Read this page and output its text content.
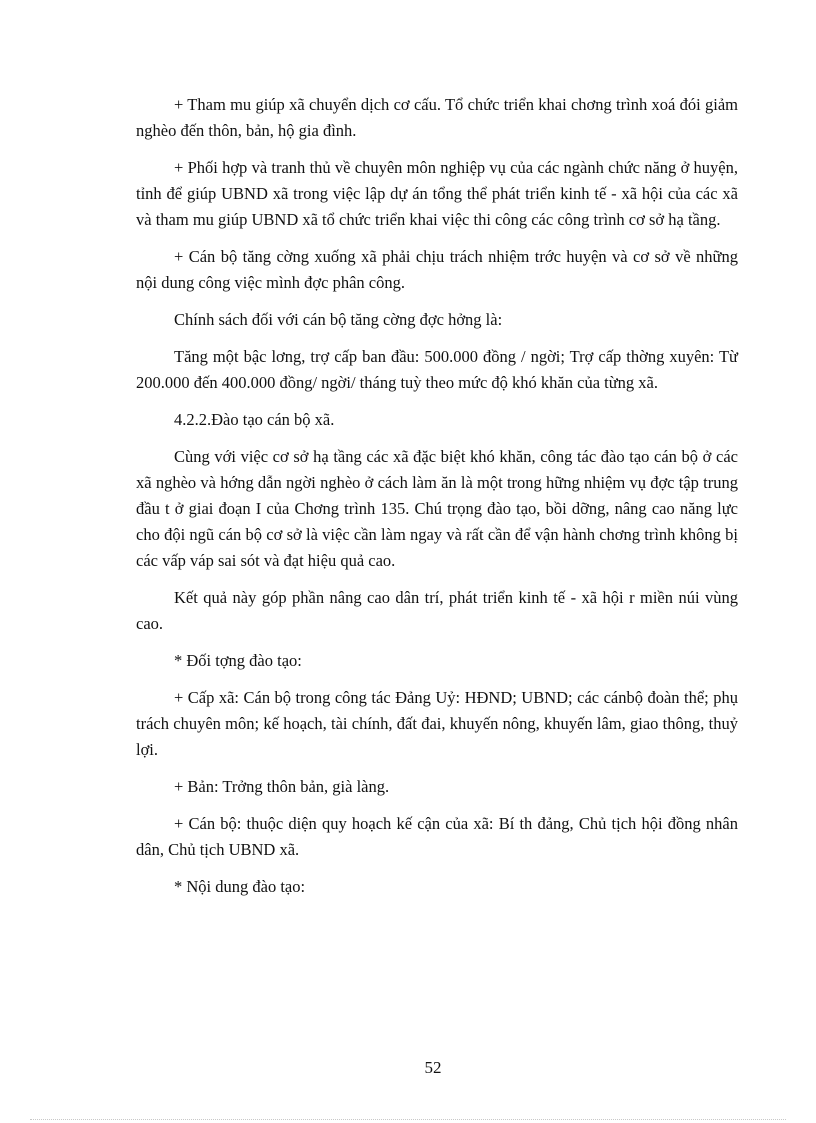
+ Tham mu giúp xã chuyển dịch cơ cấu. Tổ chức triển khai chơng trình xoá đói giảm nghèo đến thôn, bản, hộ gia đình.

+ Phối hợp và tranh thủ về chuyên môn nghiệp vụ của các ngành chức năng ở huyện, tỉnh để giúp UBND xã trong việc lập dự án tổng thể phát triển kinh tế - xã hội của các xã và tham mu giúp UBND xã tổ chức triển khai việc thi công các công trình cơ sở hạ tầng.

+ Cán bộ tăng cờng xuống xã phải chịu trách nhiệm trớc huyện và cơ sở về những nội dung công việc mình đợc phân công.

Chính sách đối với cán bộ tăng cờng đợc hởng là:

Tăng một bậc lơng, trợ cấp ban đầu: 500.000 đồng / ngời; Trợ cấp thờng xuyên: Từ 200.000 đến 400.000 đồng/ ngời/ tháng tuỳ theo mức độ khó khăn của từng xã.

4.2.2.Đào tạo cán bộ xã.

Cùng với việc cơ sở hạ tầng các xã đặc biệt khó khăn, công tác đào tạo cán bộ ở các xã nghèo và hớng dẫn ngời nghèo ở cách làm ăn là một trong hững nhiệm vụ đợc tập trung đầu t ở giai đoạn I của Chơng trình 135. Chú trọng đào tạo, bồi dỡng, nâng cao năng lực cho đội ngũ cán bộ cơ sở là việc cần làm ngay và rất cần để vận hành chơng trình không bị các vấp váp sai sót và đạt hiệu quả cao.

Kết quả này góp phần nâng cao dân trí, phát triển kinh tế - xã hội r miền núi vùng cao.

* Đối tợng đào tạo:

+ Cấp xã: Cán bộ trong công tác Đảng Uỷ: HĐND; UBND; các cánbộ đoàn thể; phụ trách chuyên môn; kế hoạch, tài chính, đất đai, khuyến nông, khuyến lâm, giao thông, thuỷ lợi.

+ Bản: Trởng thôn bản, già làng.

+ Cán bộ: thuộc diện quy hoạch kế cận của xã: Bí th đảng, Chủ tịch hội đồng nhân dân, Chủ tịch UBND xã.

* Nội dung đào tạo:

52
